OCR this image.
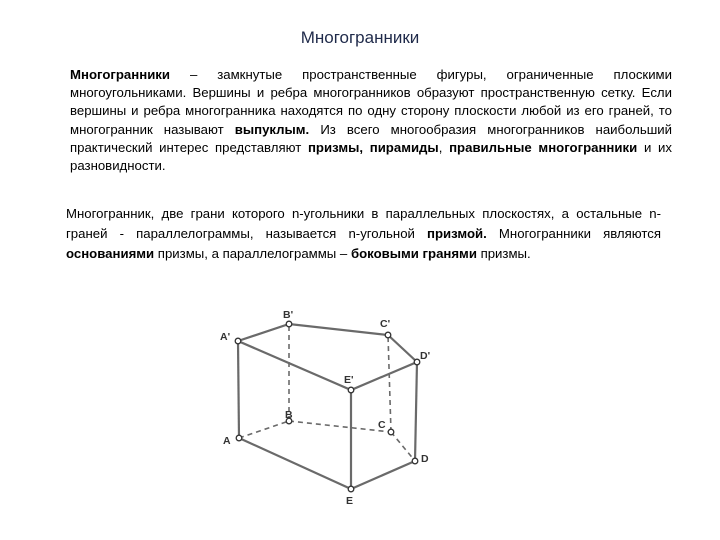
Многогранники
Многогранники – замкнутые пространственные фигуры, ограниченные плоскими многоугольниками. Вершины и ребра многогранников образуют пространственную сетку. Если вершины и ребра многогранника находятся по одну сторону плоскости любой из его граней, то многогранник называют выпуклым. Из всего многообразия многогранников наибольший практический интерес представляют призмы, пирамиды, правильные многогранники и их разновидности.
Многогранник, две грани которого n-угольники в параллельных плоскостях, а остальные n-граней - параллелограммы, называется n-угольной призмой. Многогранники являются основаниями призмы, а параллелограммы – боковыми гранями призмы.
A'
B'
C'
D'
E'
A
B
C
D
E
